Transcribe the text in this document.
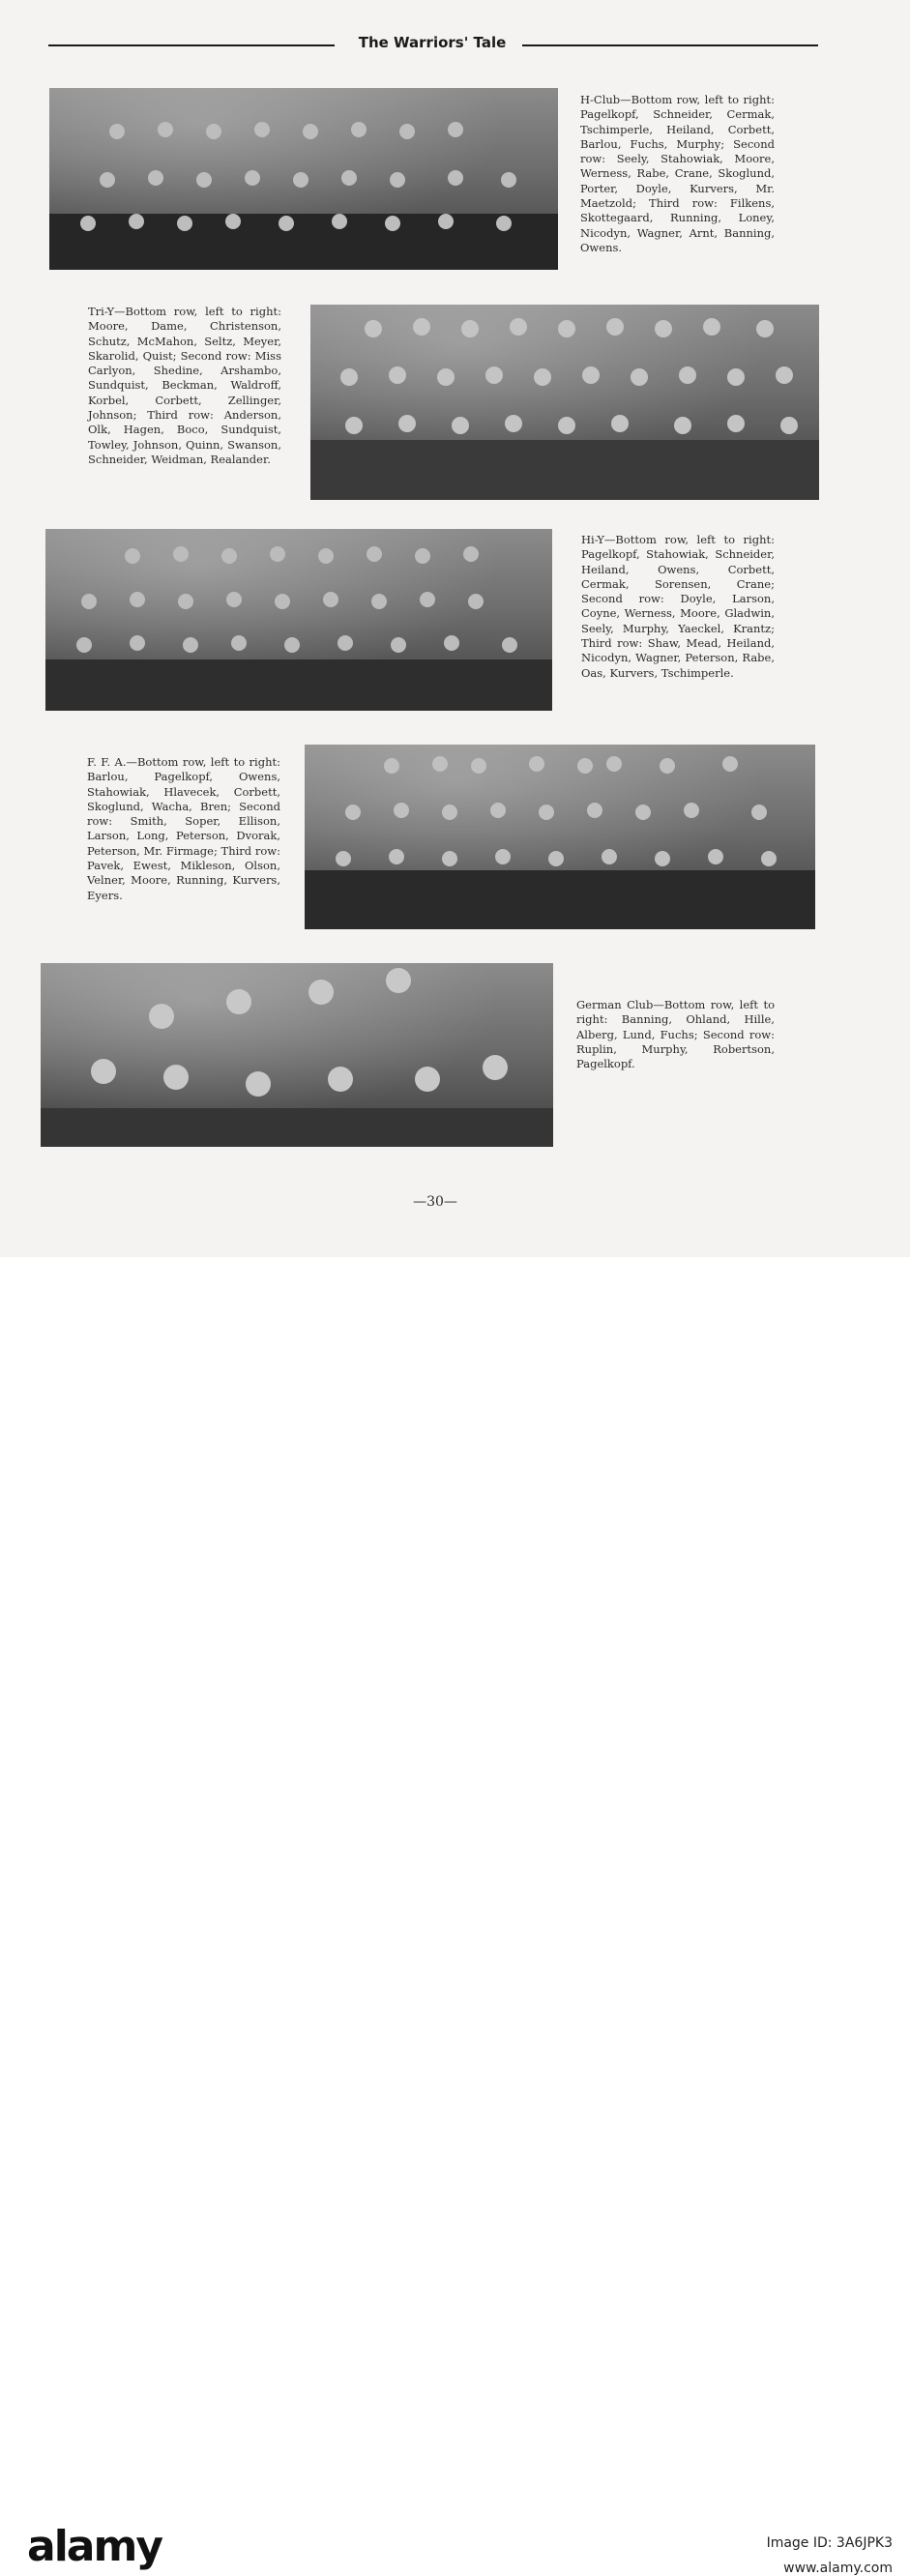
The Warriors' Tale

H-Club—Bottom row, left to right: Pagelkopf, Schneider, Cermak, Tschimperle, Heiland, Corbett, Barlou, Fuchs, Murphy; Second row: Seely, Stahowiak, Moore, Werness, Rabe, Crane, Skoglund, Porter, Doyle, Kurvers, Mr. Maetzold; Third row: Filkens, Skottegaard, Running, Loney, Nicodyn, Wagner, Arnt, Banning, Owens.

Tri-Y—Bottom row, left to right: Moore, Dame, Christenson, Schutz, McMahon, Seltz, Meyer, Skarolid, Quist; Second row: Miss Carlyon, Shedine, Arshambo, Sundquist, Beckman, Waldroff, Korbel, Corbett, Zellinger, Johnson; Third row: Anderson, Olk, Hagen, Boco, Sundquist, Towley, Johnson, Quinn, Swanson, Schneider, Weidman, Realander.

Hi-Y—Bottom row, left to right: Pagelkopf, Stahowiak, Schneider, Heiland, Owens, Corbett, Cermak, Sorensen, Crane; Second row: Doyle, Larson, Coyne, Werness, Moore, Gladwin, Seely, Murphy, Yaeckel, Krantz; Third row: Shaw, Mead, Heiland, Nicodyn, Wagner, Peterson, Rabe, Oas, Kurvers, Tschimperle.

F. F. A.—Bottom row, left to right: Barlou, Pagelkopf, Owens, Stahowiak, Hlavecek, Corbett, Skoglund, Wacha, Bren; Second row: Smith, Soper, Ellison, Larson, Long, Peterson, Dvorak, Peterson, Mr. Firmage; Third row: Pavek, Ewest, Mikleson, Olson, Velner, Moore, Running, Kurvers, Eyers.

German Club—Bottom row, left to right: Banning, Ohland, Hille, Alberg, Lund, Fuchs; Second row: Ruplin, Murphy, Robertson, Pagelkopf.

—30—
alamy	Image ID: 3A6JPK3
www.alamy.com
